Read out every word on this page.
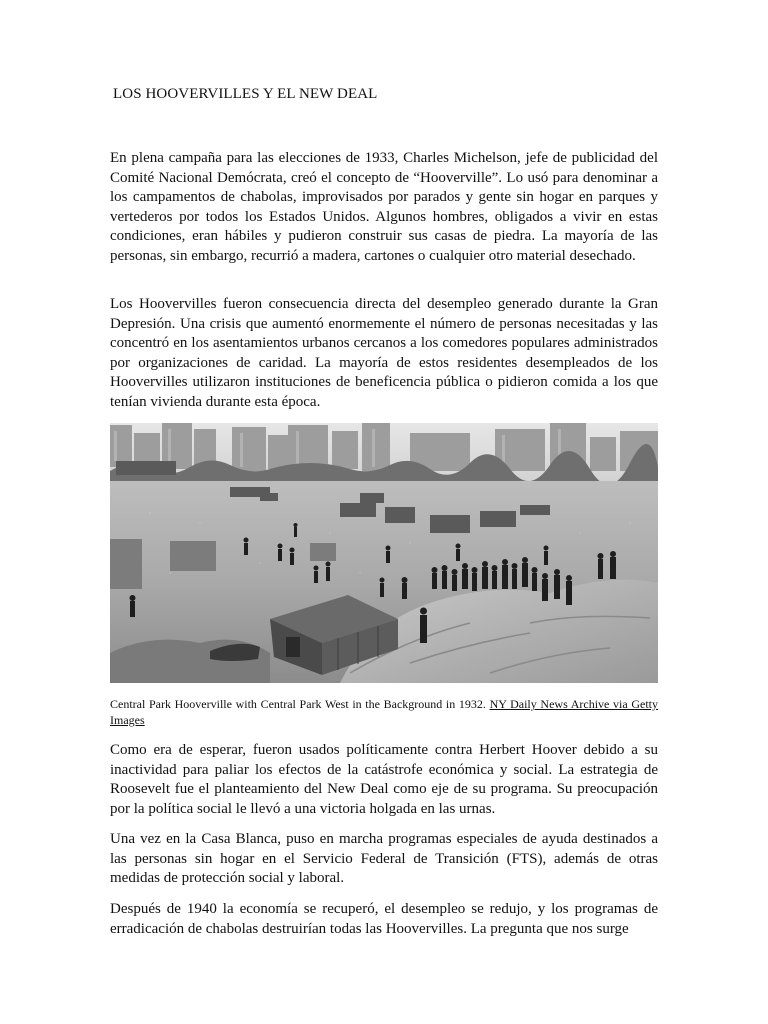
LOS HOOVERVILLES Y EL NEW DEAL

En plena campaña para las elecciones de 1933, Charles Michelson, jefe de publicidad del Comité Nacional Demócrata, creó el concepto de “Hooverville”. Lo usó para denominar a los campamentos de chabolas, improvisados por parados y gente sin hogar en parques y vertederos por todos los Estados Unidos. Algunos hombres, obligados a vivir en estas condiciones, eran hábiles y pudieron construir sus casas de piedra. La mayoría de las personas, sin embargo, recurrió a madera, cartones o cualquier otro material desechado.

Los Hoovervilles fueron consecuencia directa del desempleo generado durante la Gran Depresión. Una crisis que aumentó enormemente el número de personas necesitadas y las concentró en los asentamientos urbanos cercanos a los comedores populares administrados por organizaciones de caridad. La mayoría de estos residentes desempleados de los Hoovervilles utilizaron instituciones de beneficencia pública o pidieron comida a los que tenían vivienda durante esta época.

Central Park Hooverville with Central Park West in the Background in 1932. NY Daily News Archive via Getty Images

Como era de esperar, fueron usados políticamente contra Herbert Hoover debido a su inactividad para paliar los efectos de la catástrofe económica y social. La estrategia de Roosevelt fue el planteamiento del New Deal como eje de su programa. Su preocupación por la política social le llevó a una victoria holgada en las urnas.

Una vez en la Casa Blanca, puso en marcha programas especiales de ayuda destinados a las personas sin hogar en el Servicio Federal de Transición (FTS), además de otras medidas de protección social y laboral.

Después de 1940 la economía se recuperó, el desempleo se redujo, y los programas de erradicación de chabolas destruirían todas las Hoovervilles. La pregunta que nos surge
